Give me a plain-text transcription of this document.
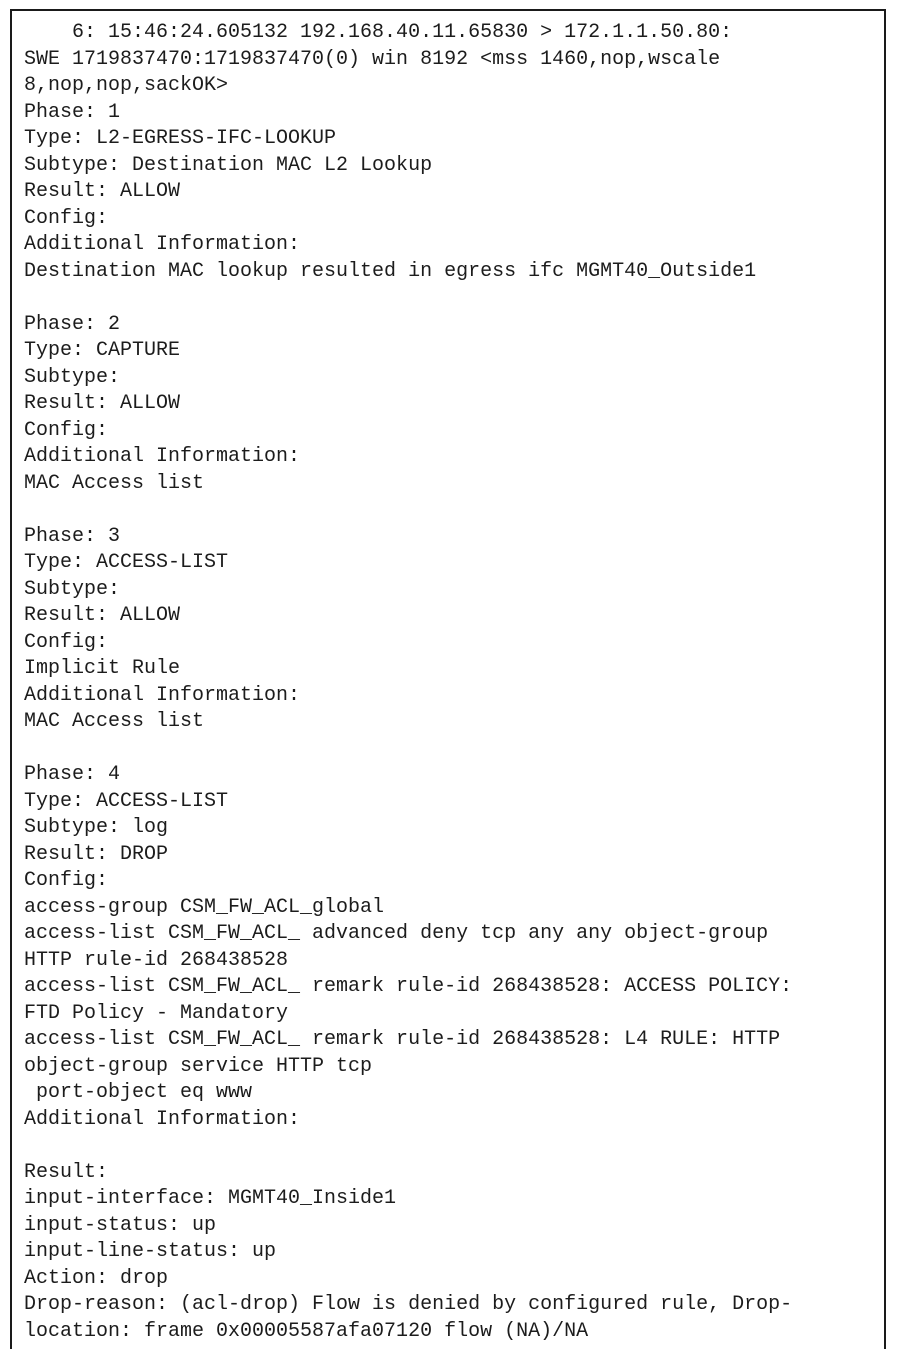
6: 15:46:24.605132 192.168.40.11.65830 > 172.1.1.50.80:
SWE 1719837470:1719837470(0) win 8192 <mss 1460,nop,wscale
8,nop,nop,sackOK>
Phase: 1
Type: L2-EGRESS-IFC-LOOKUP
Subtype: Destination MAC L2 Lookup
Result: ALLOW
Config:
Additional Information:
Destination MAC lookup resulted in egress ifc MGMT40_Outside1
Phase: 2
Type: CAPTURE
Subtype:
Result: ALLOW
Config:
Additional Information:
MAC Access list
Phase: 3
Type: ACCESS-LIST
Subtype:
Result: ALLOW
Config:
Implicit Rule
Additional Information:
MAC Access list
Phase: 4
Type: ACCESS-LIST
Subtype: log
Result: DROP
Config:
access-group CSM_FW_ACL_global
access-list CSM_FW_ACL_ advanced deny tcp any any object-group
HTTP rule-id 268438528
access-list CSM_FW_ACL_ remark rule-id 268438528: ACCESS POLICY:
FTD Policy - Mandatory
access-list CSM_FW_ACL_ remark rule-id 268438528: L4 RULE: HTTP
object-group service HTTP tcp
port-object eq www
Additional Information:
Result:
input-interface: MGMT40_Inside1
input-status: up
input-line-status: up
Action: drop
Drop-reason: (acl-drop) Flow is denied by configured rule, Drop-
location: frame 0x00005587afa07120 flow (NA)/NA
